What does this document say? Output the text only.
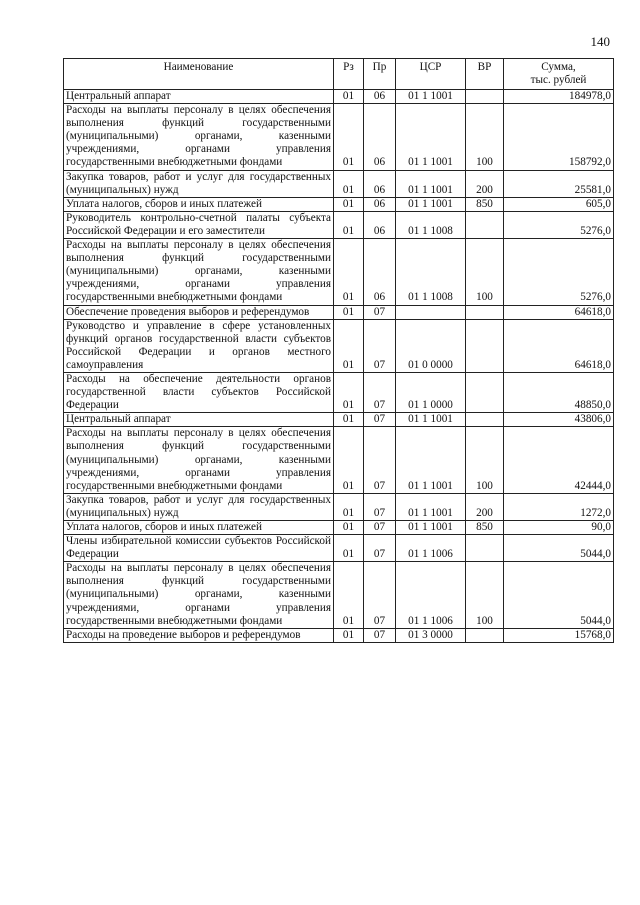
140
Наименование	Рз	Пр	ЦСР	ВР	Сумма,
тыс. рублей
Центральный аппарат	01	06	01 1 1001		184978,0
Расходы на выплаты персоналу в целях обеспечения выполнения функций государственными (муниципальными) органами, казенными учреждениями, органами управления государственными внебюджетными фондами	01	06	01 1 1001	100	158792,0
Закупка товаров, работ и услуг для государственных (муниципальных) нужд	01	06	01 1 1001	200	25581,0
Уплата налогов, сборов и иных платежей	01	06	01 1 1001	850	605,0
Руководитель контрольно-счетной палаты субъекта Российской Федерации и его заместители	01	06	01 1 1008		5276,0
Расходы на выплаты персоналу в целях обеспечения выполнения функций государственными (муниципальными) органами, казенными учреждениями, органами управления государственными внебюджетными фондами	01	06	01 1 1008	100	5276,0
Обеспечение проведения выборов и референдумов	01	07			64618,0
Руководство и управление в сфере установленных функций органов государственной власти субъектов Российской Федерации и органов местного самоуправления	01	07	01 0 0000		64618,0
Расходы на обеспечение деятельности органов государственной власти субъектов Российской Федерации	01	07	01 1 0000		48850,0
Центральный аппарат	01	07	01 1 1001		43806,0
Расходы на выплаты персоналу в целях обеспечения выполнения функций государственными (муниципальными) органами, казенными учреждениями, органами управления государственными внебюджетными фондами	01	07	01 1 1001	100	42444,0
Закупка товаров, работ и услуг для государственных (муниципальных) нужд	01	07	01 1 1001	200	1272,0
Уплата налогов, сборов и иных платежей	01	07	01 1 1001	850	90,0
Члены избирательной комиссии субъектов Российской Федерации	01	07	01 1 1006		5044,0
Расходы на выплаты персоналу в целях обеспечения выполнения функций государственными (муниципальными) органами, казенными учреждениями, органами управления государственными внебюджетными фондами	01	07	01 1 1006	100	5044,0
Расходы на проведение выборов и референдумов	01	07	01 3 0000		15768,0
